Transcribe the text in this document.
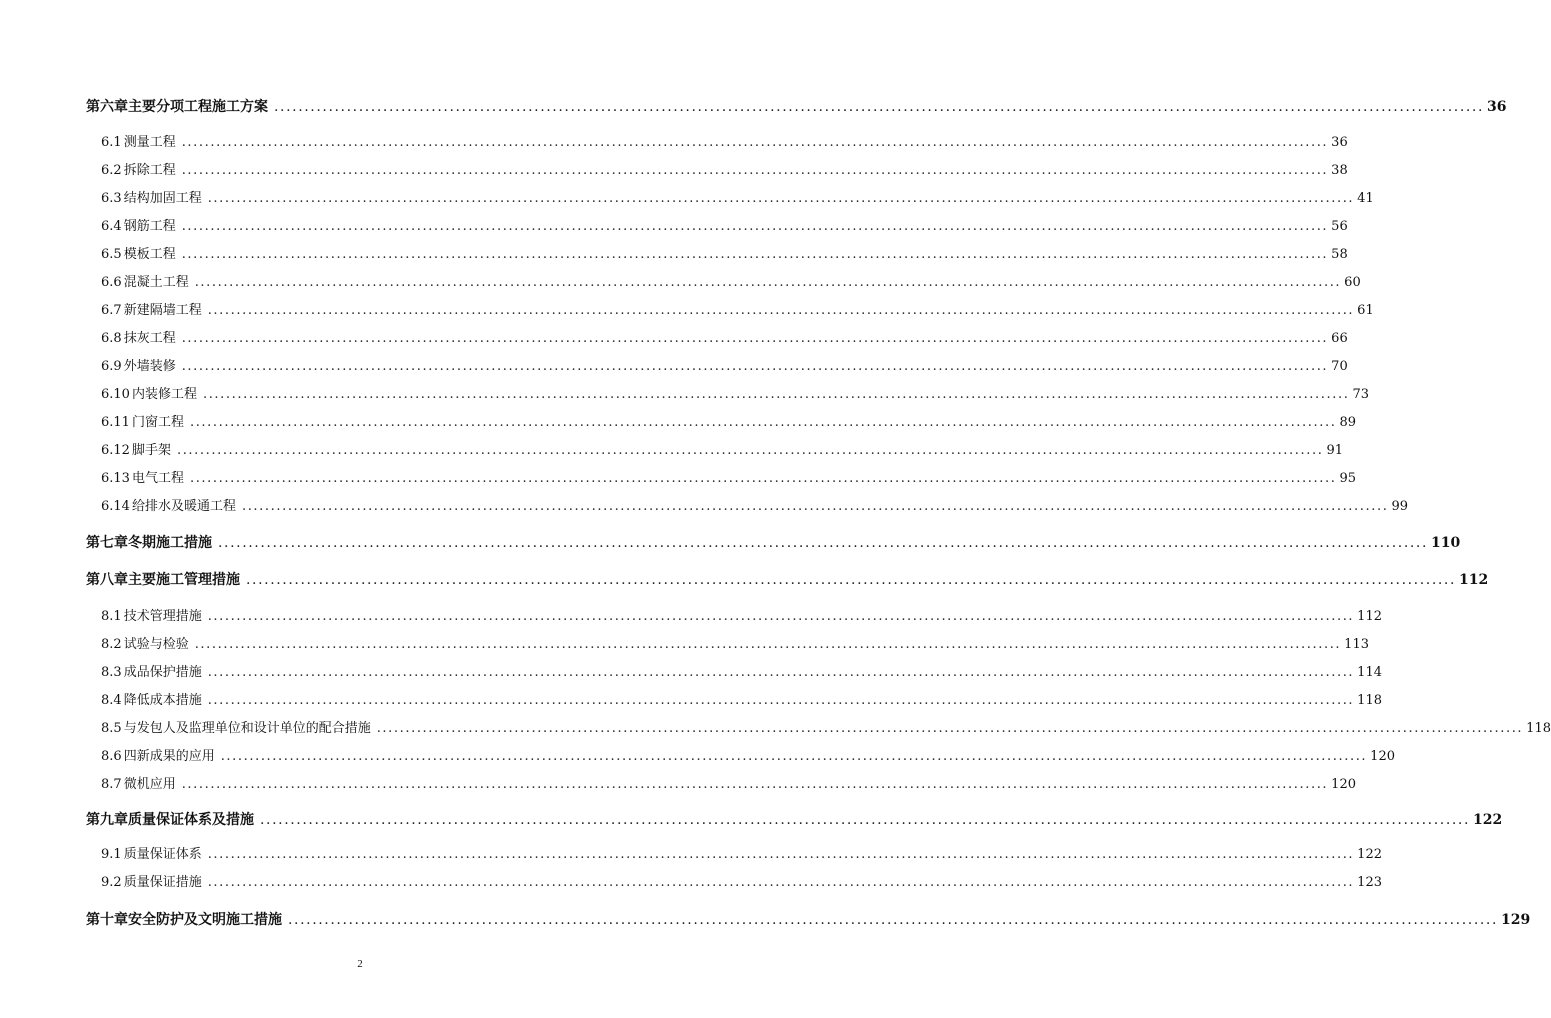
第六章 主要分项工程施工方案 ........................................................................................................................................................................................................ 36
6.1 测量工程 ........................................................................................................................................................................................................ 36
6.2 拆除工程 ........................................................................................................................................................................................................ 38
6.3 结构加固工程 ........................................................................................................................................................................................................ 41
6.4 钢筋工程 ........................................................................................................................................................................................................ 56
6.5 模板工程 ........................................................................................................................................................................................................ 58
6.6 混凝土工程 ........................................................................................................................................................................................................ 60
6.7 新建隔墙工程 ........................................................................................................................................................................................................ 61
6.8 抹灰工程 ........................................................................................................................................................................................................ 66
6.9 外墙装修 ........................................................................................................................................................................................................ 70
6.10 内装修工程 ........................................................................................................................................................................................................ 73
6.11 门窗工程 ........................................................................................................................................................................................................ 89
6.12 脚手架 ........................................................................................................................................................................................................ 91
6.13 电气工程 ........................................................................................................................................................................................................ 95
6.14 给排水及暖通工程 ........................................................................................................................................................................................................ 99
第七章 冬期施工措施 ........................................................................................................................................................................................................ 110
第八章 主要施工管理措施 ........................................................................................................................................................................................................ 112
8.1 技术管理措施 ........................................................................................................................................................................................................ 112
8.2 试验与检验 ........................................................................................................................................................................................................ 113
8.3 成品保护措施 ........................................................................................................................................................................................................ 114
8.4 降低成本措施 ........................................................................................................................................................................................................ 118
8.5 与发包人及监理单位和设计单位的配合措施 ........................................................................................................................................................................................................ 118
8.6 四新成果的应用 ........................................................................................................................................................................................................ 120
8.7 微机应用 ........................................................................................................................................................................................................ 120
第九章 质量保证体系及措施 ........................................................................................................................................................................................................ 122
9.1 质量保证体系 ........................................................................................................................................................................................................ 122
9.2 质量保证措施 ........................................................................................................................................................................................................ 123
第十章 安全防护及文明施工措施 ........................................................................................................................................................................................................ 129
2
